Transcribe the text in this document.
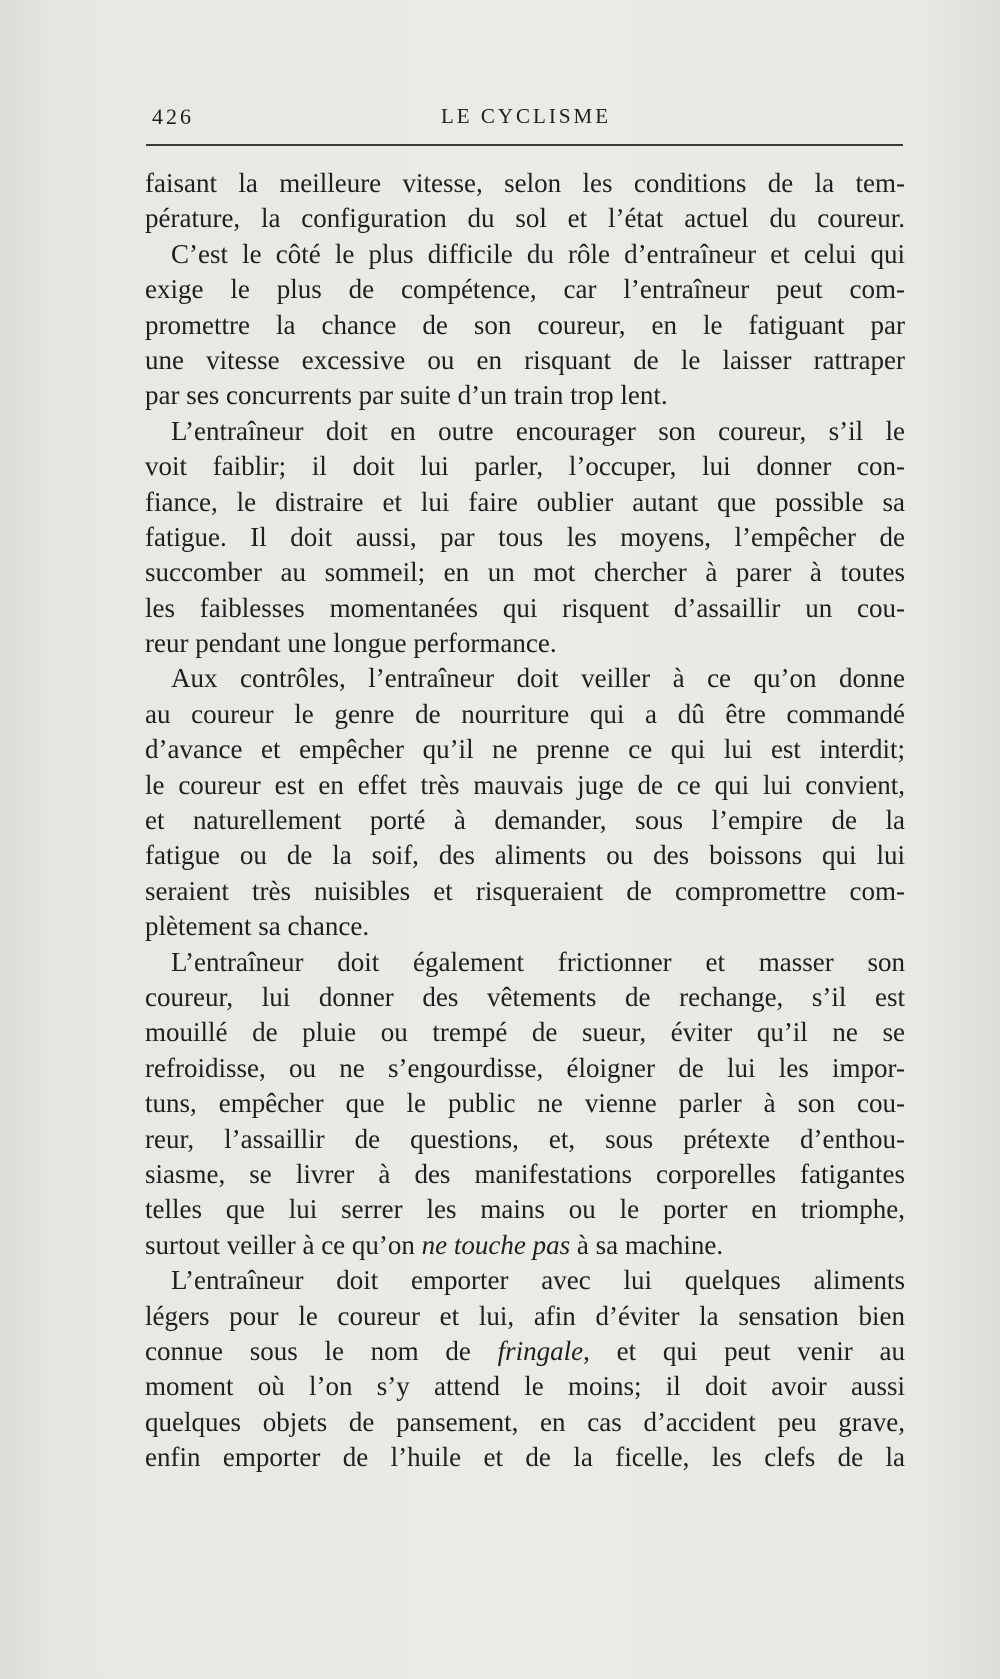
426	LE CYCLISME
faisant la meilleure vitesse, selon les conditions de la tem-
pérature, la configuration du sol et l’état actuel du coureur.
C’est le côté le plus difficile du rôle d’entraîneur et celui qui
exige le plus de compétence, car l’entraîneur peut com-
promettre la chance de son coureur, en le fatiguant par
une vitesse excessive ou en risquant de le laisser rattraper
par ses concurrents par suite d’un train trop lent.
L’entraîneur doit en outre encourager son coureur, s’il le
voit faiblir; il doit lui parler, l’occuper, lui donner con-
fiance, le distraire et lui faire oublier autant que possible sa
fatigue. Il doit aussi, par tous les moyens, l’empêcher de
succomber au sommeil; en un mot chercher à parer à toutes
les faiblesses momentanées qui risquent d’assaillir un cou-
reur pendant une longue performance.
Aux contrôles, l’entraîneur doit veiller à ce qu’on donne
au coureur le genre de nourriture qui a dû être commandé
d’avance et empêcher qu’il ne prenne ce qui lui est interdit;
le coureur est en effet très mauvais juge de ce qui lui convient,
et naturellement porté à demander, sous l’empire de la
fatigue ou de la soif, des aliments ou des boissons qui lui
seraient très nuisibles et risqueraient de compromettre com-
plètement sa chance.
L’entraîneur doit également frictionner et masser son
coureur, lui donner des vêtements de rechange, s’il est
mouillé de pluie ou trempé de sueur, éviter qu’il ne se
refroidisse, ou ne s’engourdisse, éloigner de lui les impor-
tuns, empêcher que le public ne vienne parler à son cou-
reur, l’assaillir de questions, et, sous prétexte d’enthou-
siasme, se livrer à des manifestations corporelles fatigantes
telles que lui serrer les mains ou le porter en triomphe,
surtout veiller à ce qu’on ne touche pas à sa machine.
L’entraîneur doit emporter avec lui quelques aliments
légers pour le coureur et lui, afin d’éviter la sensation bien
connue sous le nom de fringale, et qui peut venir au
moment où l’on s’y attend le moins; il doit avoir aussi
quelques objets de pansement, en cas d’accident peu grave,
enfin emporter de l’huile et de la ficelle, les clefs de la
